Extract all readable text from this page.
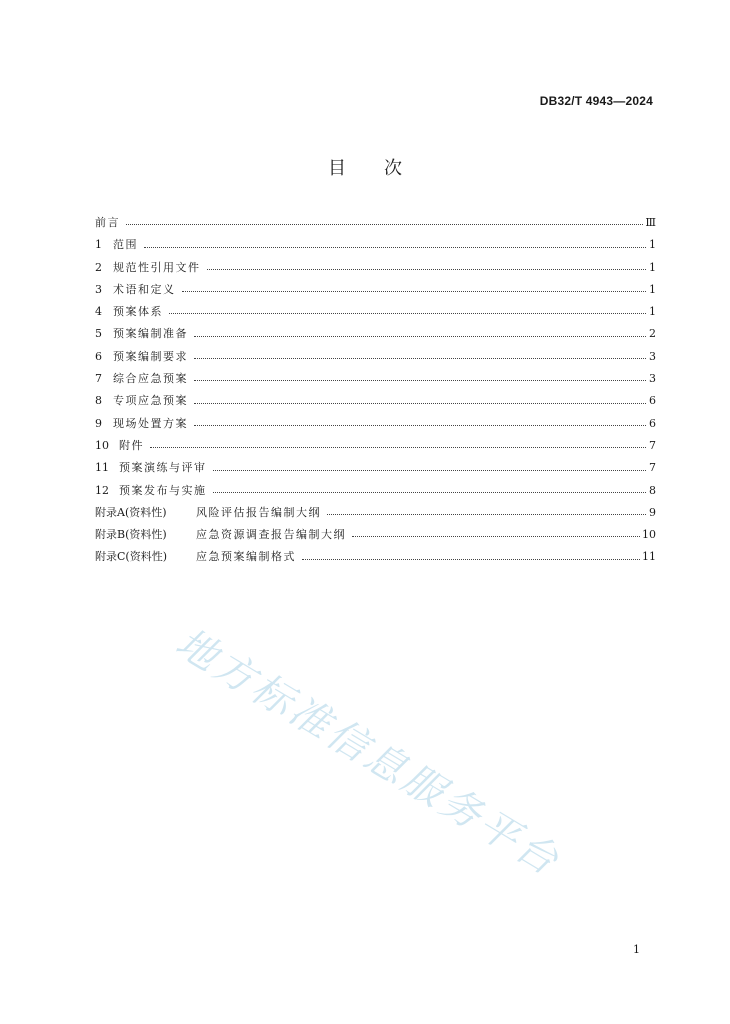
DB32/T 4943—2024
目次
前言	Ⅲ
1	范围	1
2	规范性引用文件	1
3	术语和定义	1
4	预案体系	1
5	预案编制准备	2
6	预案编制要求	3
7	综合应急预案	3
8	专项应急预案	6
9	现场处置方案	6
10 附件	7
11 预案演练与评审	7
12 预案发布与实施	8
附录A(资料性)	风险评估报告编制大纲	9
附录B(资料性)	应急资源调查报告编制大纲	10
附录C(资料性)	应急预案编制格式	11
地方标准信息服务平台
1
